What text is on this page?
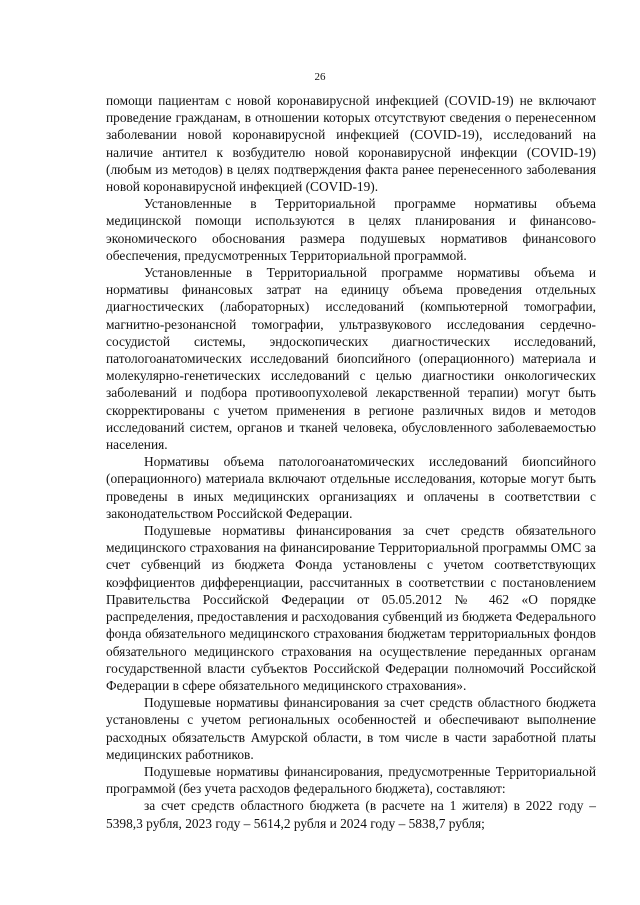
26

помощи пациентам с новой коронавирусной инфекцией (COVID-19) не включают проведение гражданам, в отношении которых отсутствуют сведения о перенесенном заболевании новой коронавирусной инфекцией (COVID-19), исследований на наличие антител к возбудителю новой коронавирусной инфекции (COVID-19) (любым из методов) в целях подтверждения факта ранее перенесенного заболевания новой коронавирусной инфекцией (COVID-19).

Установленные в Территориальной программе нормативы объема медицинской помощи используются в целях планирования и финансово-экономического обоснования размера подушевых нормативов финансового обеспечения, предусмотренных Территориальной программой.

Установленные в Территориальной программе нормативы объема и нормативы финансовых затрат на единицу объема проведения отдельных диагностических (лабораторных) исследований (компьютерной томографии, магнитно-резонансной томографии, ультразвукового исследования сердечно-сосудистой системы, эндоскопических диагностических исследований, патологоанатомических исследований биопсийного (операционного) материала и молекулярно-генетических исследований с целью диагностики онкологических заболеваний и подбора противоопухолевой лекарственной терапии) могут быть скорректированы с учетом применения в регионе различных видов и методов исследований систем, органов и тканей человека, обусловленного заболеваемостью населения.

Нормативы объема патологоанатомических исследований биопсийного (операционного) материала включают отдельные исследования, которые могут быть проведены в иных медицинских организациях и оплачены в соответствии с законодательством Российской Федерации.

Подушевые нормативы финансирования за счет средств обязательного медицинского страхования на финансирование Территориальной программы ОМС за счет субвенций из бюджета Фонда установлены с учетом соответствующих коэффициентов дифференциации, рассчитанных в соответствии с постановлением Правительства Российской Федерации от 05.05.2012 № 462 «О порядке распределения, предоставления и расходования субвенций из бюджета Федерального фонда обязательного медицинского страхования бюджетам территориальных фондов обязательного медицинского страхования на осуществление переданных органам государственной власти субъектов Российской Федерации полномочий Российской Федерации в сфере обязательного медицинского страхования».

Подушевые нормативы финансирования за счет средств областного бюджета установлены с учетом региональных особенностей и обеспечивают выполнение расходных обязательств Амурской области, в том числе в части заработной платы медицинских работников.

Подушевые нормативы финансирования, предусмотренные Территориальной программой (без учета расходов федерального бюджета), составляют:

за счет средств областного бюджета (в расчете на 1 жителя) в 2022 году – 5398,3 рубля, 2023 году – 5614,2 рубля и 2024 году – 5838,7 рубля;
